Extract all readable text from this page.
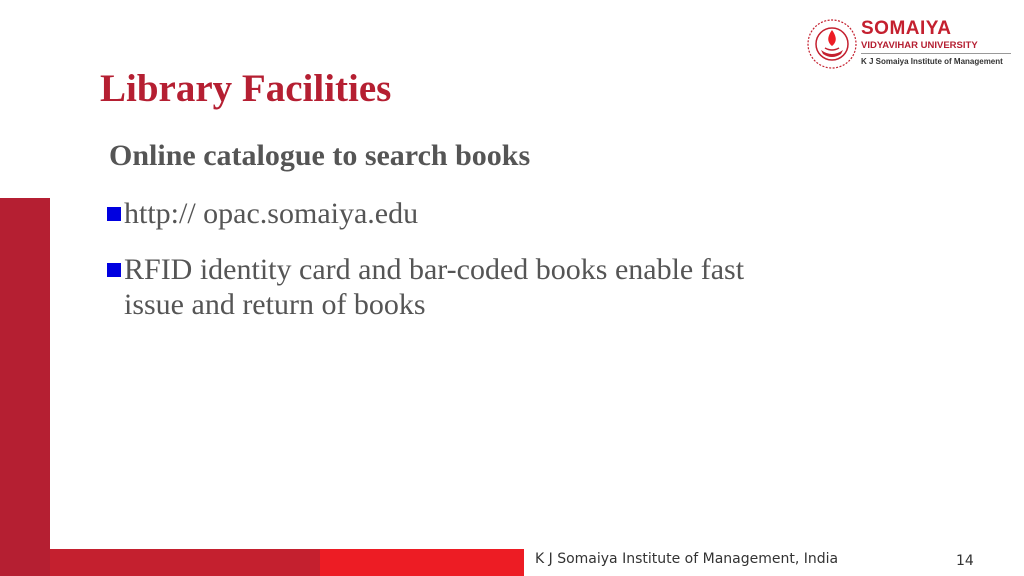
SOMAIYA
VIDYAVIHAR UNIVERSITY
K J Somaiya Institute of Management
Library Facilities
Online catalogue to search books
http:// opac.somaiya.edu
RFID identity card and bar-coded books enable fast issue and return of books
K J Somaiya Institute of Management, India	14
